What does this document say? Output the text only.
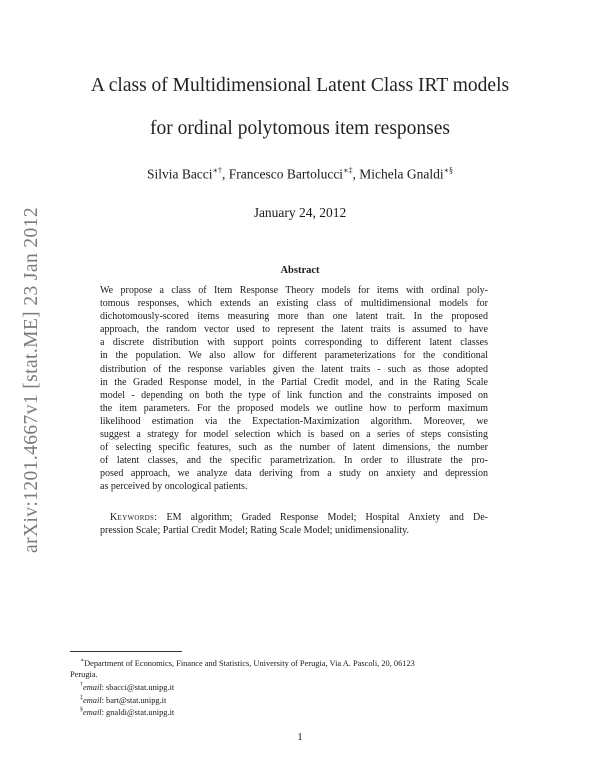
arXiv:1201.4667v1 [stat.ME] 23 Jan 2012
A class of Multidimensional Latent Class IRT models
for ordinal polytomous item responses
Silvia Bacci∗†, Francesco Bartolucci∗‡, Michela Gnaldi∗§
January 24, 2012
Abstract
We propose a class of Item Response Theory models for items with ordinal poly-
tomous responses, which extends an existing class of multidimensional models for
dichotomously-scored items measuring more than one latent trait. In the proposed
approach, the random vector used to represent the latent traits is assumed to have
a discrete distribution with support points corresponding to different latent classes
in the population. We also allow for different parameterizations for the conditional
distribution of the response variables given the latent traits - such as those adopted
in the Graded Response model, in the Partial Credit model, and in the Rating Scale
model - depending on both the type of link function and the constraints imposed on
the item parameters. For the proposed models we outline how to perform maximum
likelihood estimation via the Expectation-Maximization algorithm. Moreover, we
suggest a strategy for model selection which is based on a series of steps consisting
of selecting specific features, such as the number of latent dimensions, the number
of latent classes, and the specific parametrization. In order to illustrate the pro-
posed approach, we analyze data deriving from a study on anxiety and depression
as perceived by oncological patients.
Keywords: EM algorithm; Graded Response Model; Hospital Anxiety and De-
pression Scale; Partial Credit Model; Rating Scale Model; unidimensionality.
∗Department of Economics, Finance and Statistics, University of Perugia, Via A. Pascoli, 20, 06123
Perugia.
†email: sbacci@stat.unipg.it
‡email: bart@stat.unipg.it
§email: gnaldi@stat.unipg.it
1
